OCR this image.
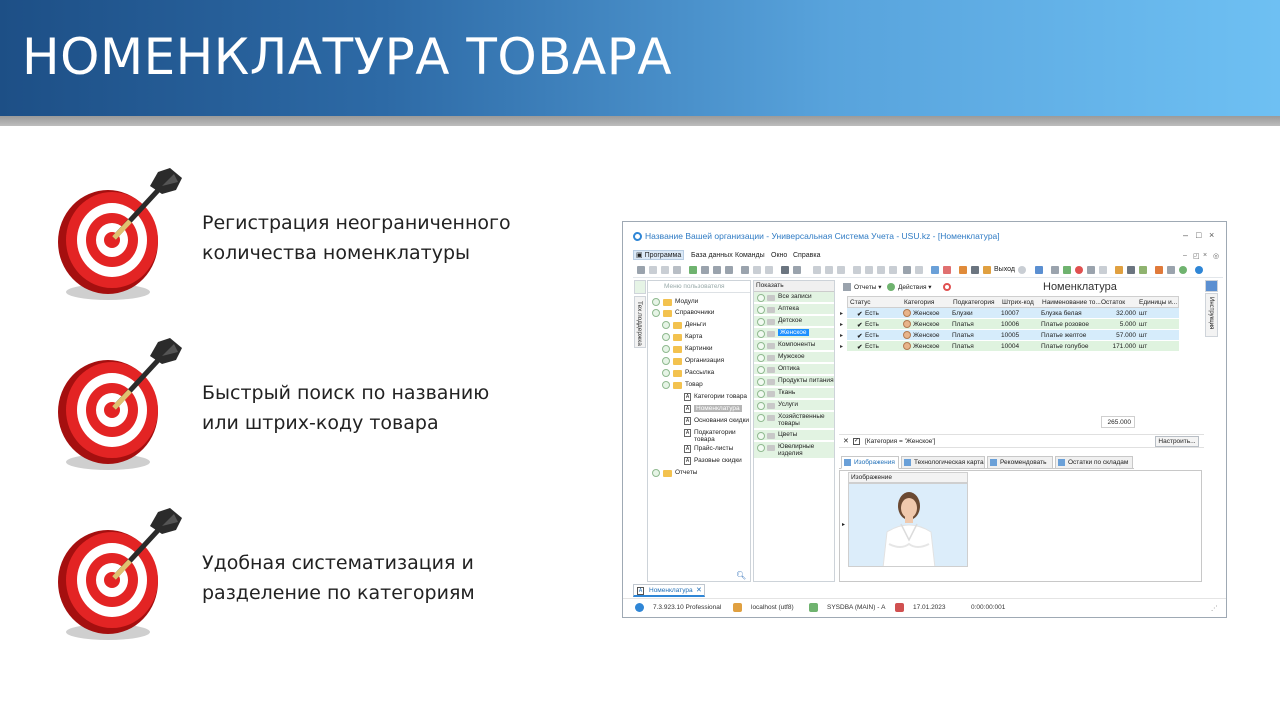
НОМЕНКЛАТУРА ТОВАРА
Регистрация неограниченного
количества номенклатуры
Быстрый поиск по названию
или штрих-коду товара
Удобная систематизация и
разделение по категориям
Название Вашей организации - Универсальная Система Учета - USU.kz - [Номенклатура]	– □ ×
▣ Программа	База данных Команды Окно Справка	– ◰ × ◎
Выход
Тех.поддержка
Меню пользователя
Модули
Справочники
Деньги
Карта
Картинки
Организация
Рассылка
Товар
A Категории товара
A	Номенклатура
A Основания скидки
A Подкатегории товара
A Прайс-листы
A Разовые скидки
Отчеты
🔍︎
Показать
Все записи
Аптека
Детское
Женское
Компоненты
Мужское
Оптика
Продукты питания
Ткань
Услуги
Хозяйственные товары
Цветы
Ювелирные изделия
Отчеты ▾	Действия ▾	Номенклатура
Статус	Категория	Подкатегория Штрих-код Наименование то... Остаток Единицы и...
▸ ✔ Есть	Женское Блузки	10007	Блузка белая	32.000 шт
▸ ✔ Есть	Женское Платья	10006	Платье розовое	5.000 шт
▸ ✔ Есть	Женское Платья	10005	Платье желтое	57.000 шт
▸ ✔ Есть	Женское Платья	10004	Платье голубое	171.000 шт
265.000
✕ ✓ [Категория = 'Женское']	Настроить...
Изображения	Технологическая карта	Рекомендовать	Остатки по складам
Изображение
▸
Инструкция
A Номенклатура ✕
7.3.923.10 Professional	localhost (utf8)	SYSDBA (MAIN) - А	17.01.2023	0:00:00:001	⋰
